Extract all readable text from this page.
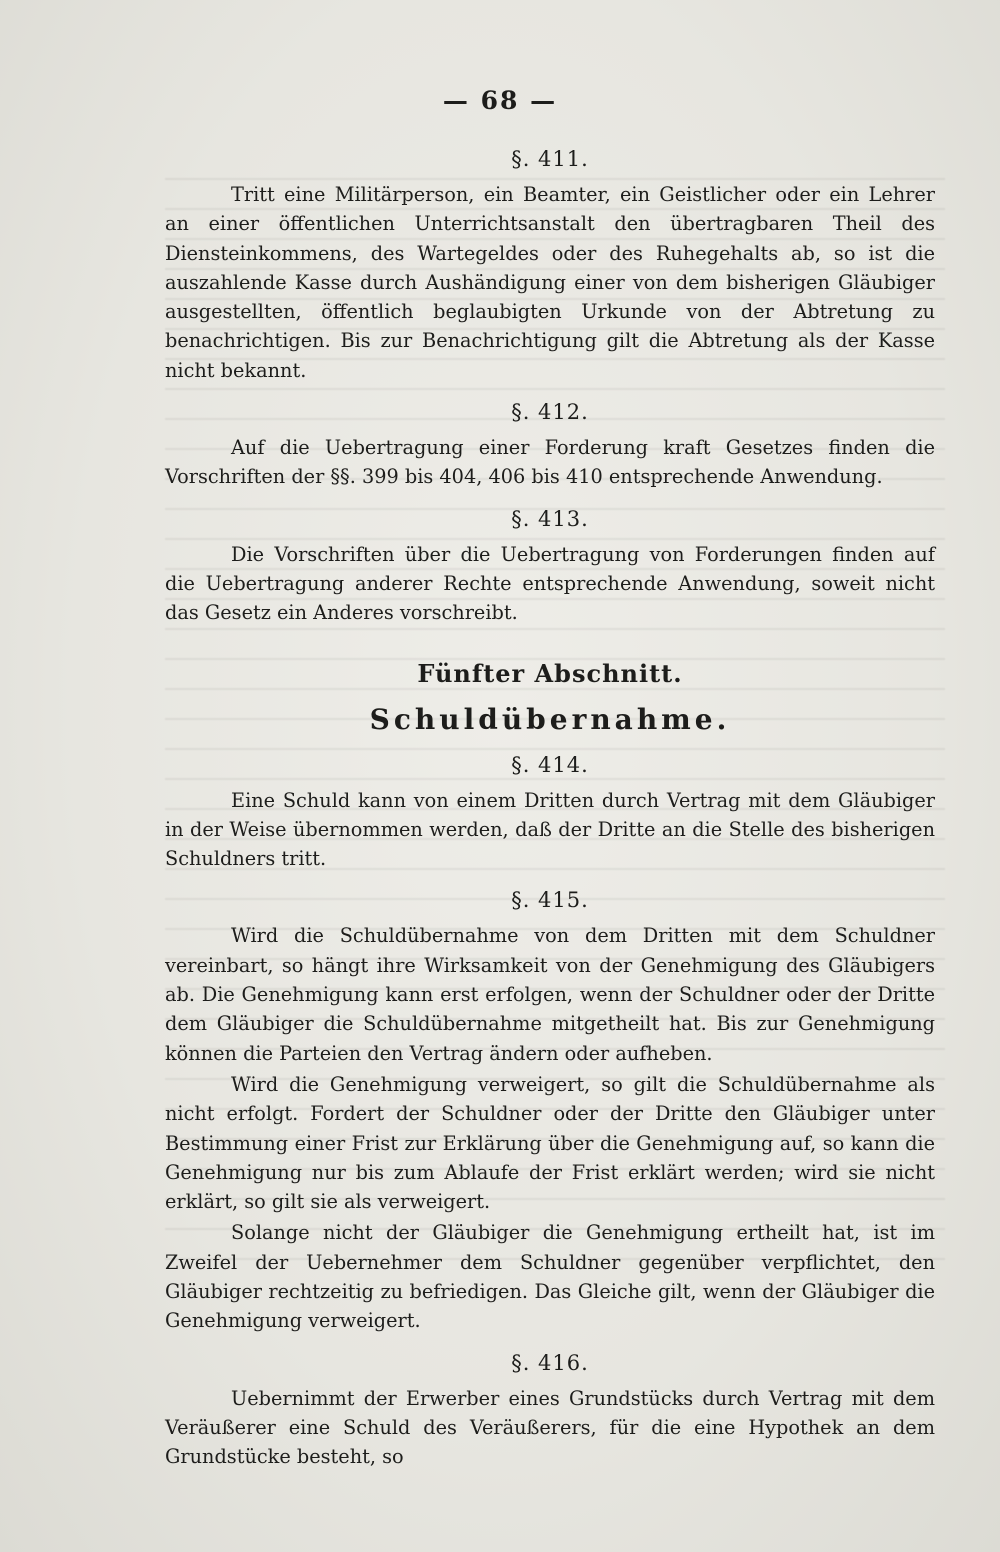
— 68 —
§. 411.

Tritt eine Militärperson, ein Beamter, ein Geistlicher oder ein Lehrer an einer öffentlichen Unterrichtsanstalt den übertragbaren Theil des Diensteinkommens, des Wartegeldes oder des Ruhegehalts ab, so ist die auszahlende Kasse durch Aushändigung einer von dem bisherigen Gläubiger ausgestellten, öffentlich beglaubigten Urkunde von der Abtretung zu benachrichtigen. Bis zur Benachrichtigung gilt die Abtretung als der Kasse nicht bekannt.

§. 412.

Auf die Uebertragung einer Forderung kraft Gesetzes finden die Vorschriften der §§. 399 bis 404, 406 bis 410 entsprechende Anwendung.

§. 413.

Die Vorschriften über die Uebertragung von Forderungen finden auf die Uebertragung anderer Rechte entsprechende Anwendung, soweit nicht das Gesetz ein Anderes vorschreibt.

Fünfter Abschnitt.
Schuldübernahme.
§. 414.

Eine Schuld kann von einem Dritten durch Vertrag mit dem Gläubiger in der Weise übernommen werden, daß der Dritte an die Stelle des bisherigen Schuldners tritt.

§. 415.

Wird die Schuldübernahme von dem Dritten mit dem Schuldner vereinbart, so hängt ihre Wirksamkeit von der Genehmigung des Gläubigers ab. Die Genehmigung kann erst erfolgen, wenn der Schuldner oder der Dritte dem Gläubiger die Schuldübernahme mitgetheilt hat. Bis zur Genehmigung können die Parteien den Vertrag ändern oder aufheben.

Wird die Genehmigung verweigert, so gilt die Schuldübernahme als nicht erfolgt. Fordert der Schuldner oder der Dritte den Gläubiger unter Bestimmung einer Frist zur Erklärung über die Genehmigung auf, so kann die Genehmigung nur bis zum Ablaufe der Frist erklärt werden; wird sie nicht erklärt, so gilt sie als verweigert.

Solange nicht der Gläubiger die Genehmigung ertheilt hat, ist im Zweifel der Uebernehmer dem Schuldner gegenüber verpflichtet, den Gläubiger rechtzeitig zu befriedigen. Das Gleiche gilt, wenn der Gläubiger die Genehmigung verweigert.

§. 416.

Uebernimmt der Erwerber eines Grundstücks durch Vertrag mit dem Veräußerer eine Schuld des Veräußerers, für die eine Hypothek an dem Grundstücke besteht, so
